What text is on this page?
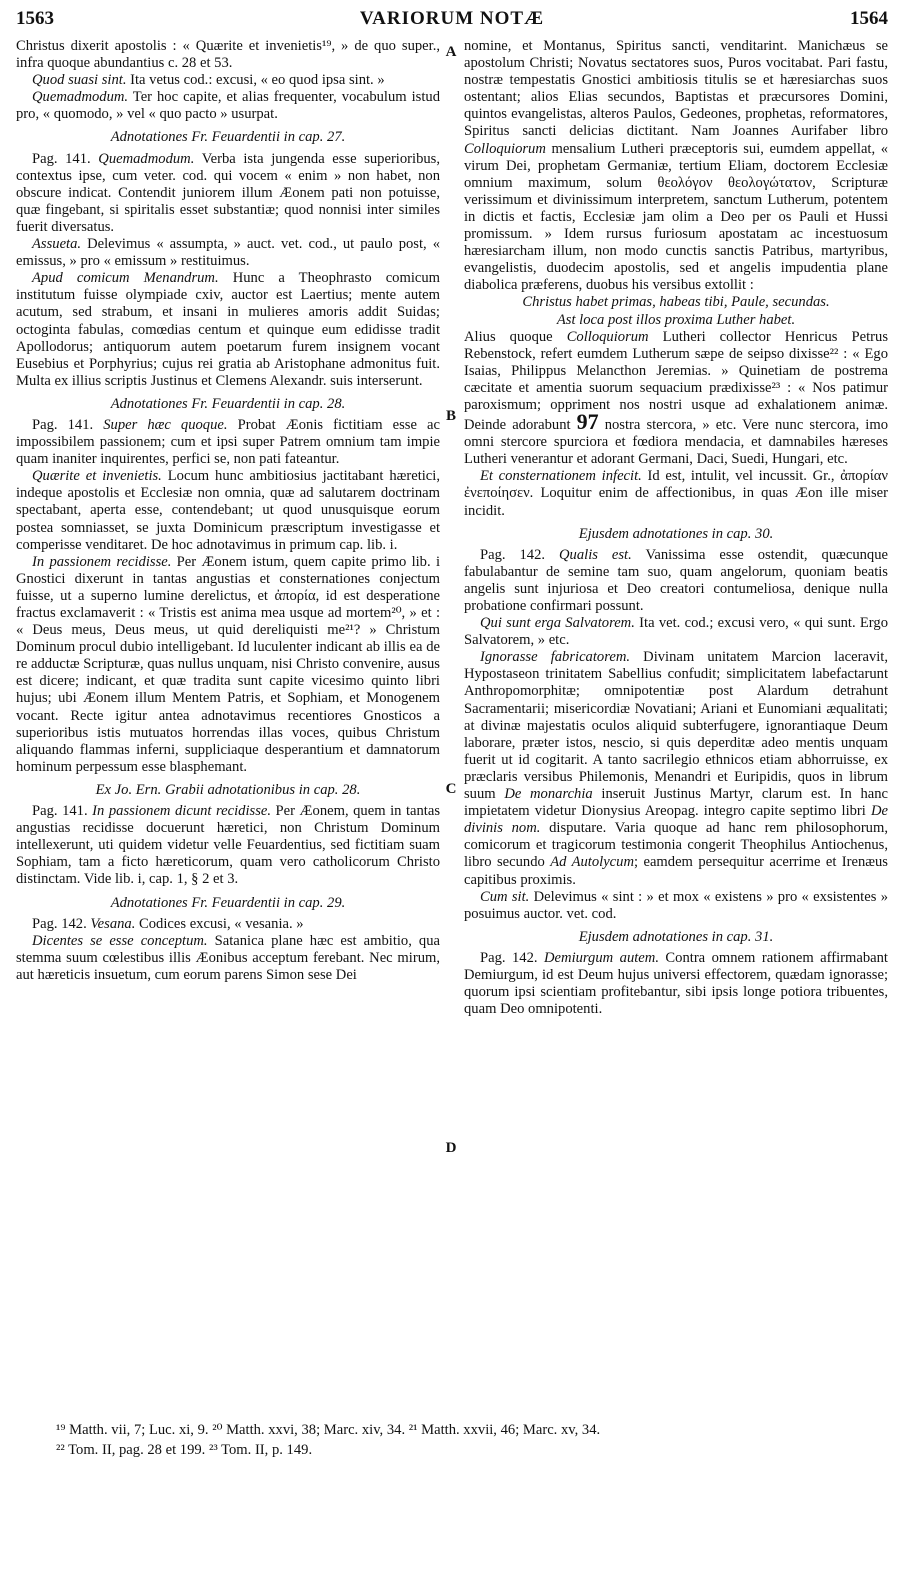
1563	VARIORUM NOTÆ	1564
A
B
C
D

Christus dixerit apostolis : « Quærite et invenietis¹⁹, » de quo super., infra quoque abundantius c. 28 et 53.

Quod suasi sint. Ita vetus cod.: excusi, « eo quod ipsa sint. »

Quemadmodum. Ter hoc capite, et alias frequenter, vocabulum istud pro, « quomodo, » vel « quo pacto » usurpat.

Adnotationes Fr. Feuardentii in cap. 27.

Pag. 141. Quemadmodum. Verba ista jungenda esse superioribus, contextus ipse, cum veter. cod. qui vocem « enim » non habet, non obscure indicat. Contendit juniorem illum Æonem pati non potuisse, quæ fingebant, si spiritalis esset substantiæ; quod nonnisi inter similes fuerit diversatus.

Assueta. Delevimus « assumpta, » auct. vet. cod., ut paulo post, « emissus, » pro « emissum » restituimus.

Apud comicum Menandrum. Hunc a Theophrasto comicum institutum fuisse olympiade cxiv, auctor est Laertius; mente autem acutum, sed strabum, et insani in mulieres amoris addit Suidas; octoginta fabulas, comœdias centum et quinque eum edidisse tradit Apollodorus; antiquorum autem poetarum furem insignem vocant Eusebius et Porphyrius; cujus rei gratia ab Aristophane admonitus fuit. Multa ex illius scriptis Justinus et Clemens Alexandr. suis interserunt.

Adnotationes Fr. Feuardentii in cap. 28.

Pag. 141. Super hæc quoque. Probat Æonis fictitiam esse ac impossibilem passionem; cum et ipsi super Patrem omnium tam impie quam inaniter inquirentes, perfici se, non pati fateantur.

Quærite et invenietis. Locum hunc ambitiosius jactitabant hæretici, indeque apostolis et Ecclesiæ non omnia, quæ ad salutarem doctrinam spectabant, aperta esse, contendebant; ut quod unusquisque eorum postea somniasset, se juxta Dominicum præscriptum investigasse et comperisse venditaret. De hoc adnotavimus in primum cap. lib. i.

In passionem recidisse. Per Æonem istum, quem capite primo lib. i Gnostici dixerunt in tantas angustias et consternationes conjectum fuisse, ut a superno lumine derelictus, et ἀπορία, id est desperatione fractus exclamaverit : « Tristis est anima mea usque ad mortem²⁰, » et : « Deus meus, Deus meus, ut quid dereliquisti me²¹? » Christum Dominum procul dubio intelligebant. Id luculenter indicant ab illis ea de re adductæ Scripturæ, quas nullus unquam, nisi Christo convenire, ausus est dicere; indicant, et quæ tradita sunt capite vicesimo quinto libri hujus; ubi Æonem illum Mentem Patris, et Sophiam, et Monogenem vocant. Recte igitur antea adnotavimus recentiores Gnosticos a superioribus istis mutuatos horrendas illas voces, quibus Christum aliquando flammas inferni, suppliciaque desperantium et damnatorum hominum perpessum esse blasphemant.

Ex Jo. Ern. Grabii adnotationibus in cap. 28.

Pag. 141. In passionem dicunt recidisse. Per Æonem, quem in tantas angustias recidisse docuerunt hæretici, non Christum Dominum intellexerunt, uti quidem videtur velle Feuardentius, sed fictitiam suam Sophiam, tam a ficto hæreticorum, quam vero catholicorum Christo distinctam. Vide lib. i, cap. 1, § 2 et 3.

Adnotationes Fr. Feuardentii in cap. 29.

Pag. 142. Vesana. Codices excusi, « vesania. »

Dicentes se esse conceptum. Satanica plane hæc est ambitio, qua stemma suum cœlestibus illis Æonibus acceptum ferebant. Nec mirum, aut hæreticis insuetum, cum eorum parens Simon sese Dei

nomine, et Montanus, Spiritus sancti, venditarint. Manichæus se apostolum Christi; Novatus sectatores suos, Puros vocitabat. Pari fastu, nostræ tempestatis Gnostici ambitiosis titulis se et hæresiarchas suos ostentant; alios Elias secundos, Baptistas et præcursores Domini, quintos evangelistas, alteros Paulos, Gedeones, prophetas, reformatores, Spiritus sancti delicias dictitant. Nam Joannes Aurifaber libro Colloquiorum mensalium Lutheri præceptoris sui, eumdem appellat, « virum Dei, prophetam Germaniæ, tertium Eliam, doctorem Ecclesiæ omnium maximum, solum θεολόγον θεολογώτατον, Scripturæ verissimum et divinissimum interpretem, sanctum Lutherum, potentem in dictis et factis, Ecclesiæ jam olim a Deo per os Pauli et Hussi promissum. » Idem rursus furiosum apostatam ac incestuosum hæresiarcham illum, non modo cunctis sanctis Patribus, martyribus, evangelistis, duodecim apostolis, sed et angelis impudentia plane diabolica præferens, duobus his versibus extollit :

Christus habet primas, habeas tibi, Paule, secundas.

Ast loca post illos proxima Luther habet.

Alius quoque Colloquiorum Lutheri collector Henricus Petrus Rebenstock, refert eumdem Lutherum sæpe de seipso dixisse²² : « Ego Isaias, Philippus Melancthon Jeremias. » Quinetiam de postrema cæcitate et amentia suorum sequacium prædixisse²³ : « Nos patimur paroxismum; oppriment nos nostri usque ad exhalationem animæ. Deinde adorabunt 97 nostra stercora, » etc. Vere nunc stercora, imo omni stercore spurciora et fœdiora mendacia, et damnabiles hæreses Lutheri venerantur et adorant Germani, Daci, Suedi, Hungari, etc.

Et consternationem infecit. Id est, intulit, vel incussit. Gr., ἀπορίαν ἐνεποίησεν. Loquitur enim de affectionibus, in quas Æon ille miser incidit.

Ejusdem adnotationes in cap. 30.

Pag. 142. Qualis est. Vanissima esse ostendit, quæcunque fabulabantur de semine tam suo, quam angelorum, quoniam beatis angelis sunt injuriosa et Deo creatori contumeliosa, denique nulla probatione confirmari possunt.

Qui sunt erga Salvatorem. Ita vet. cod.; excusi vero, « qui sunt. Ergo Salvatorem, » etc.

Ignorasse fabricatorem. Divinam unitatem Marcion laceravit, Hypostaseon trinitatem Sabellius confudit; simplicitatem labefactarunt Anthropomorphitæ; omnipotentiæ post Alardum detrahunt Sacramentarii; misericordiæ Novatiani; Ariani et Eunomiani æqualitati; at divinæ majestatis oculos aliquid subterfugere, ignorantiaque Deum laborare, præter istos, nescio, si quis deperditæ adeo mentis unquam fuerit ut id cogitarit. A tanto sacrilegio ethnicos etiam abhorruisse, ex præclaris versibus Philemonis, Menandri et Euripidis, quos in librum suum De monarchia inseruit Justinus Martyr, clarum est. In hanc impietatem videtur Dionysius Areopag. integro capite septimo libri De divinis nom. disputare. Varia quoque ad hanc rem philosophorum, comicorum et tragicorum testimonia congerit Theophilus Antiochenus, libro secundo Ad Autolycum; eamdem persequitur acerrime et Irenæus capitibus proximis.

Cum sit. Delevimus « sint : » et mox « existens » pro « exsistentes » posuimus auctor. vet. cod.

Ejusdem adnotationes in cap. 31.

Pag. 142. Demiurgum autem. Contra omnem rationem affirmabant Demiurgum, id est Deum hujus universi effectorem, quædam ignorasse; quorum ipsi scientiam profitebantur, sibi ipsis longe potiora tribuentes, quam Deo omnipotenti.

¹⁹ Matth. vii, 7; Luc. xi, 9. ²⁰ Matth. xxvi, 38; Marc. xiv, 34. ²¹ Matth. xxvii, 46; Marc. xv, 34.
²² Tom. II, pag. 28 et 199. ²³ Tom. II, p. 149.
